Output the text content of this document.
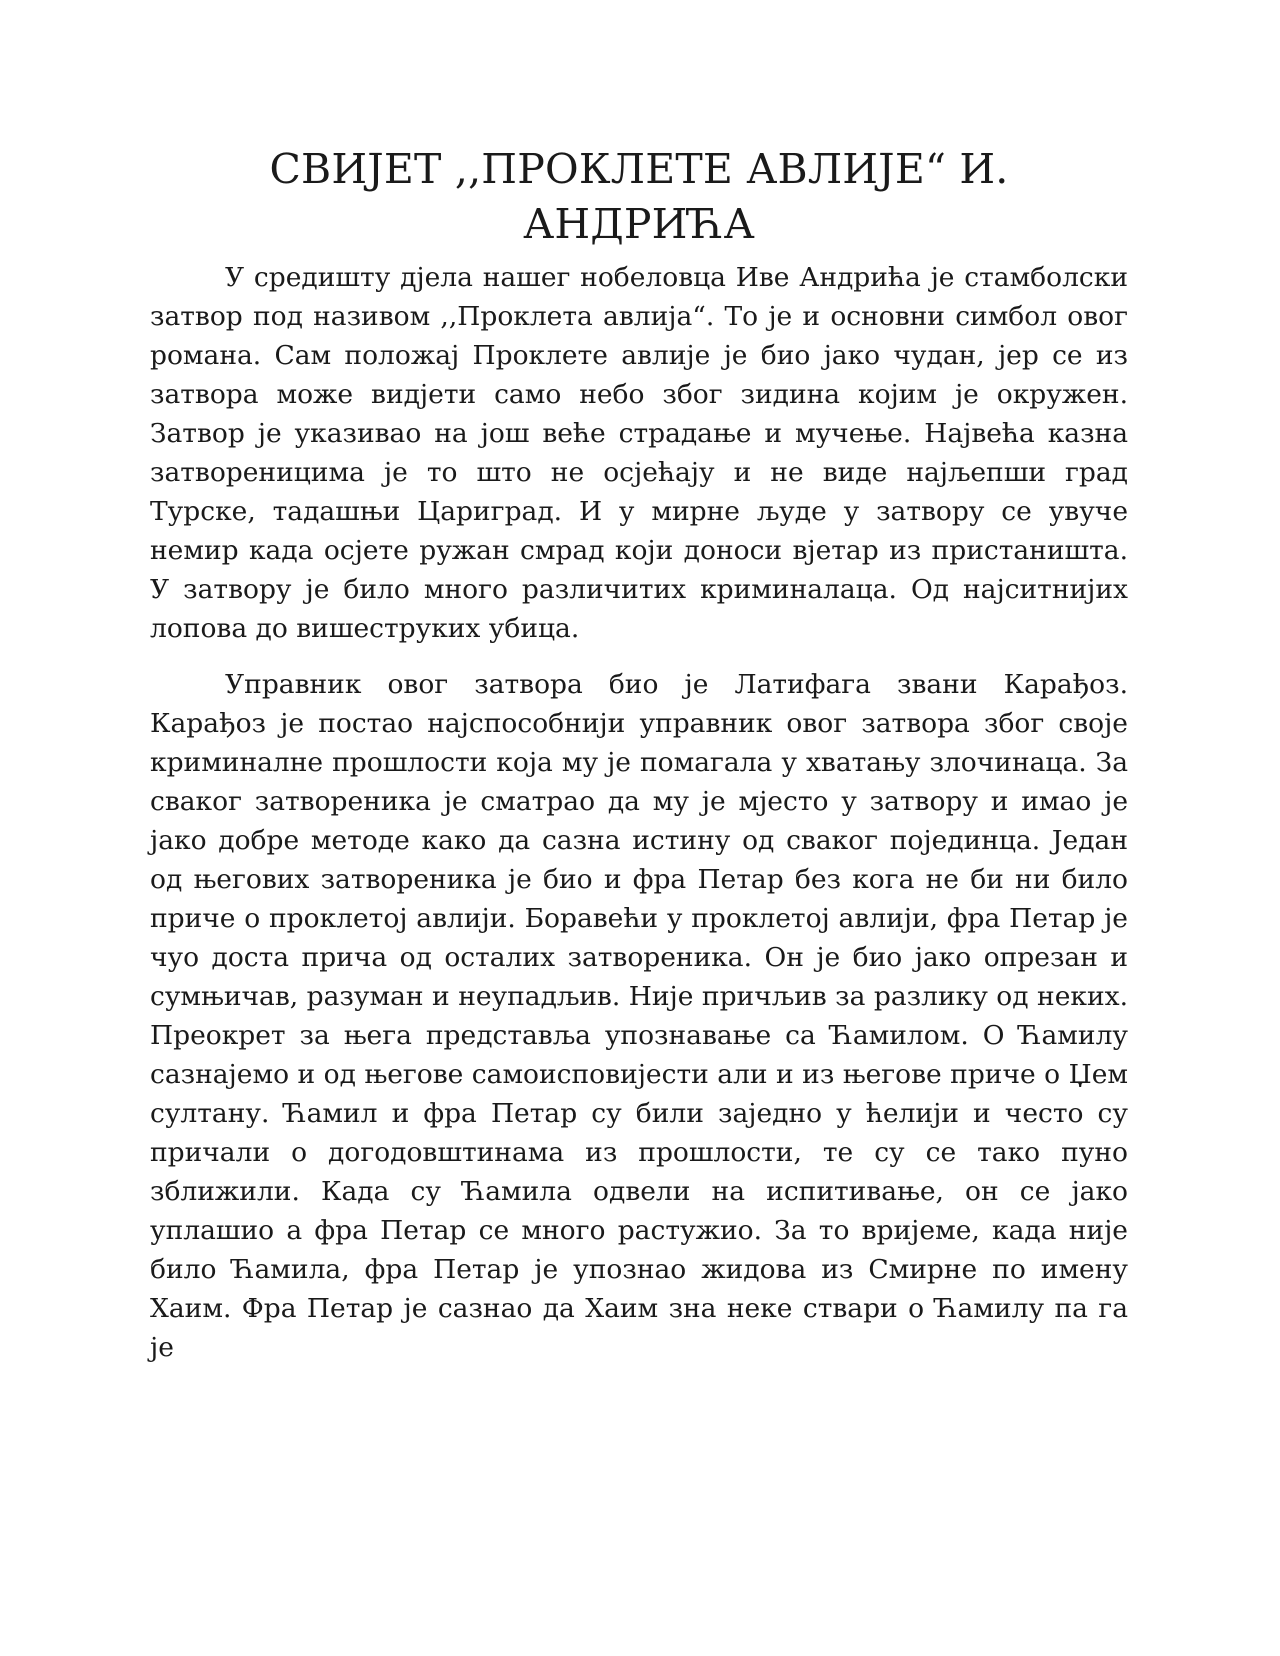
СВИЈЕТ ,,ПРОКЛЕТЕ АВЛИЈЕ“ И. АНДРИЋА

У средишту дјела нашег нобеловца Иве Андрића је стамболски затвор под називом ,,Проклета авлија“. То је и основни симбол овог романа. Сам положај Проклете авлије је био јако чудан, јер се из затвора може видјети само небо због зидина којим је окружен. Затвор је указивао на још веће страдање и мучење. Највећа казна затвореницима је то што не осјећају и не виде најљепши град Турске, тадашњи Цариград. И у мирне људе у затвору се увуче немир када осјете ружан смрад који доноси вјетар из пристаништа. У затвору је било много различитих криминалаца. Од најситнијих лопова до вишеструких убица.

Управник овог затвора био је Латифага звани Карађоз. Карађоз је постао најспособнији управник овог затвора због своје криминалне прошлости која му је помагала у хватању злочинаца. За сваког затвореника је сматрао да му је мјесто у затвору и имао је јако добре методе како да сазна истину од сваког појединца. Један од његових затвореника је био и фра Петар без кога не би ни било приче о проклетој авлији. Боравећи у проклетој авлији, фра Петар је чуо доста прича од осталих затвореника. Он је био јако опрезан и сумњичав, разуман и неупадљив. Није причљив за разлику од неких. Преокрет за њега представља упознавање са Ћамилом. О Ћамилу сазнајемо и од његове самоисповијести али и из његове приче о Џем султану. Ћамил и фра Петар су били заједно у ћелији и често су причали о догодовштинама из прошлости, те су се тако пуно зближили. Када су Ћамила одвели на испитивање, он се јако уплашио а фра Петар се много растужио. За то вријеме, када није било Ћамила, фра Петар је упознао жидова из Смирне по имену Хаим. Фра Петар је сазнао да Хаим зна неке ствари о Ћамилу па га је
